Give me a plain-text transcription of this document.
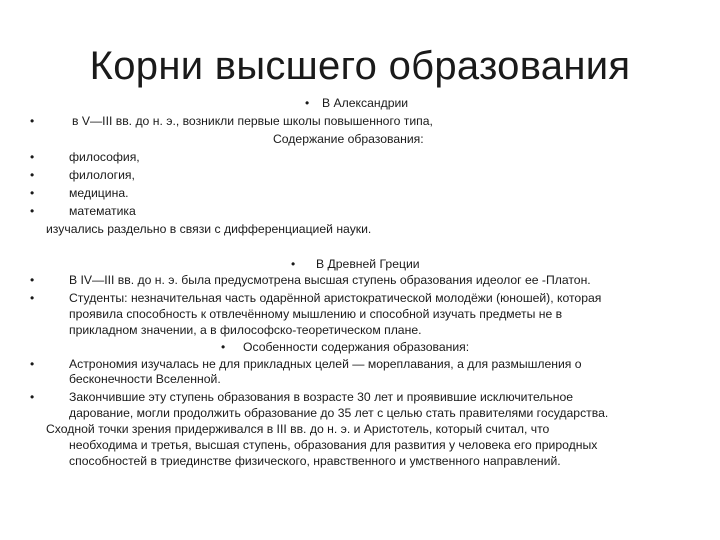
Корни высшего образования
• В Александрии
•	в V—III вв. до н. э., возникли первые школы повышенного типа,
Содержание образования:
•	философия,
•	филология,
•	медицина.
•	математика
изучались раздельно в связи с дифференциацией науки.
• В Древней Греции
•	В IV—III вв. до н. э. была предусмотрена высшая ступень образования идеолог ее -Платон.
•	Студенты: незначительная часть одарённой аристократической молодёжи (юношей), которая
проявила способность к отвлечённому мышлению и способной изучать предметы не в
прикладном значении, а в философско-теоретическом плане.
• Особенности содержания образования:
•	Астрономия изучалась не для прикладных целей — мореплавания, а для размышления о
бесконечности Вселенной.
•	Закончившие эту ступень образования в возрасте 30 лет и проявившие исключительное
дарование, могли продолжить образование до 35 лет с целью стать правителями государства.
Сходной точки зрения придерживался в III вв. до н. э. и Аристотель, который считал, что
необходима и третья, высшая ступень, образования для развития у человека его природных
способностей в триединстве физического, нравственного и умственного направлений.
